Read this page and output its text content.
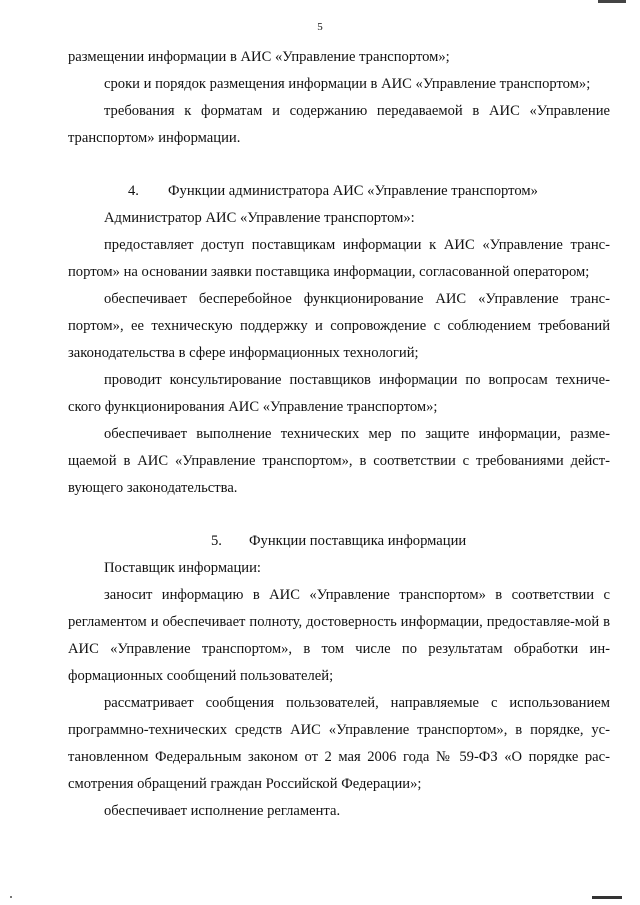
5

размещении информации в АИС «Управление транспортом»;

сроки и порядок размещения информации в АИС «Управление транспортом»;

требования к форматам и содержанию передаваемой в АИС «Управление транспортом» информации.

4. Функции администратора АИС «Управление транспортом»

Администратор АИС «Управление транспортом»:

предоставляет доступ поставщикам информации к АИС «Управление транс-портом» на основании заявки поставщика информации, согласованной оператором;

обеспечивает бесперебойное функционирование АИС «Управление транс-портом», ее техническую поддержку и сопровождение с соблюдением требований законодательства в сфере информационных технологий;

проводит консультирование поставщиков информации по вопросам техниче-ского функционирования АИС «Управление транспортом»;

обеспечивает выполнение технических мер по защите информации, разме-щаемой в АИС «Управление транспортом», в соответствии с требованиями дейст-вующего законодательства.

5. Функции поставщика информации

Поставщик информации:

заносит информацию в АИС «Управление транспортом» в соответствии с регламентом и обеспечивает полноту, достоверность информации, предоставляе-мой в АИС «Управление транспортом», в том числе по результатам обработки ин-формационных сообщений пользователей;

рассматривает сообщения пользователей, направляемые с использованием программно-технических средств АИС «Управление транспортом», в порядке, ус-тановленном Федеральным законом от 2 мая 2006 года № 59-ФЗ «О порядке рас-смотрения обращений граждан Российской Федерации»;

обеспечивает исполнение регламента.
